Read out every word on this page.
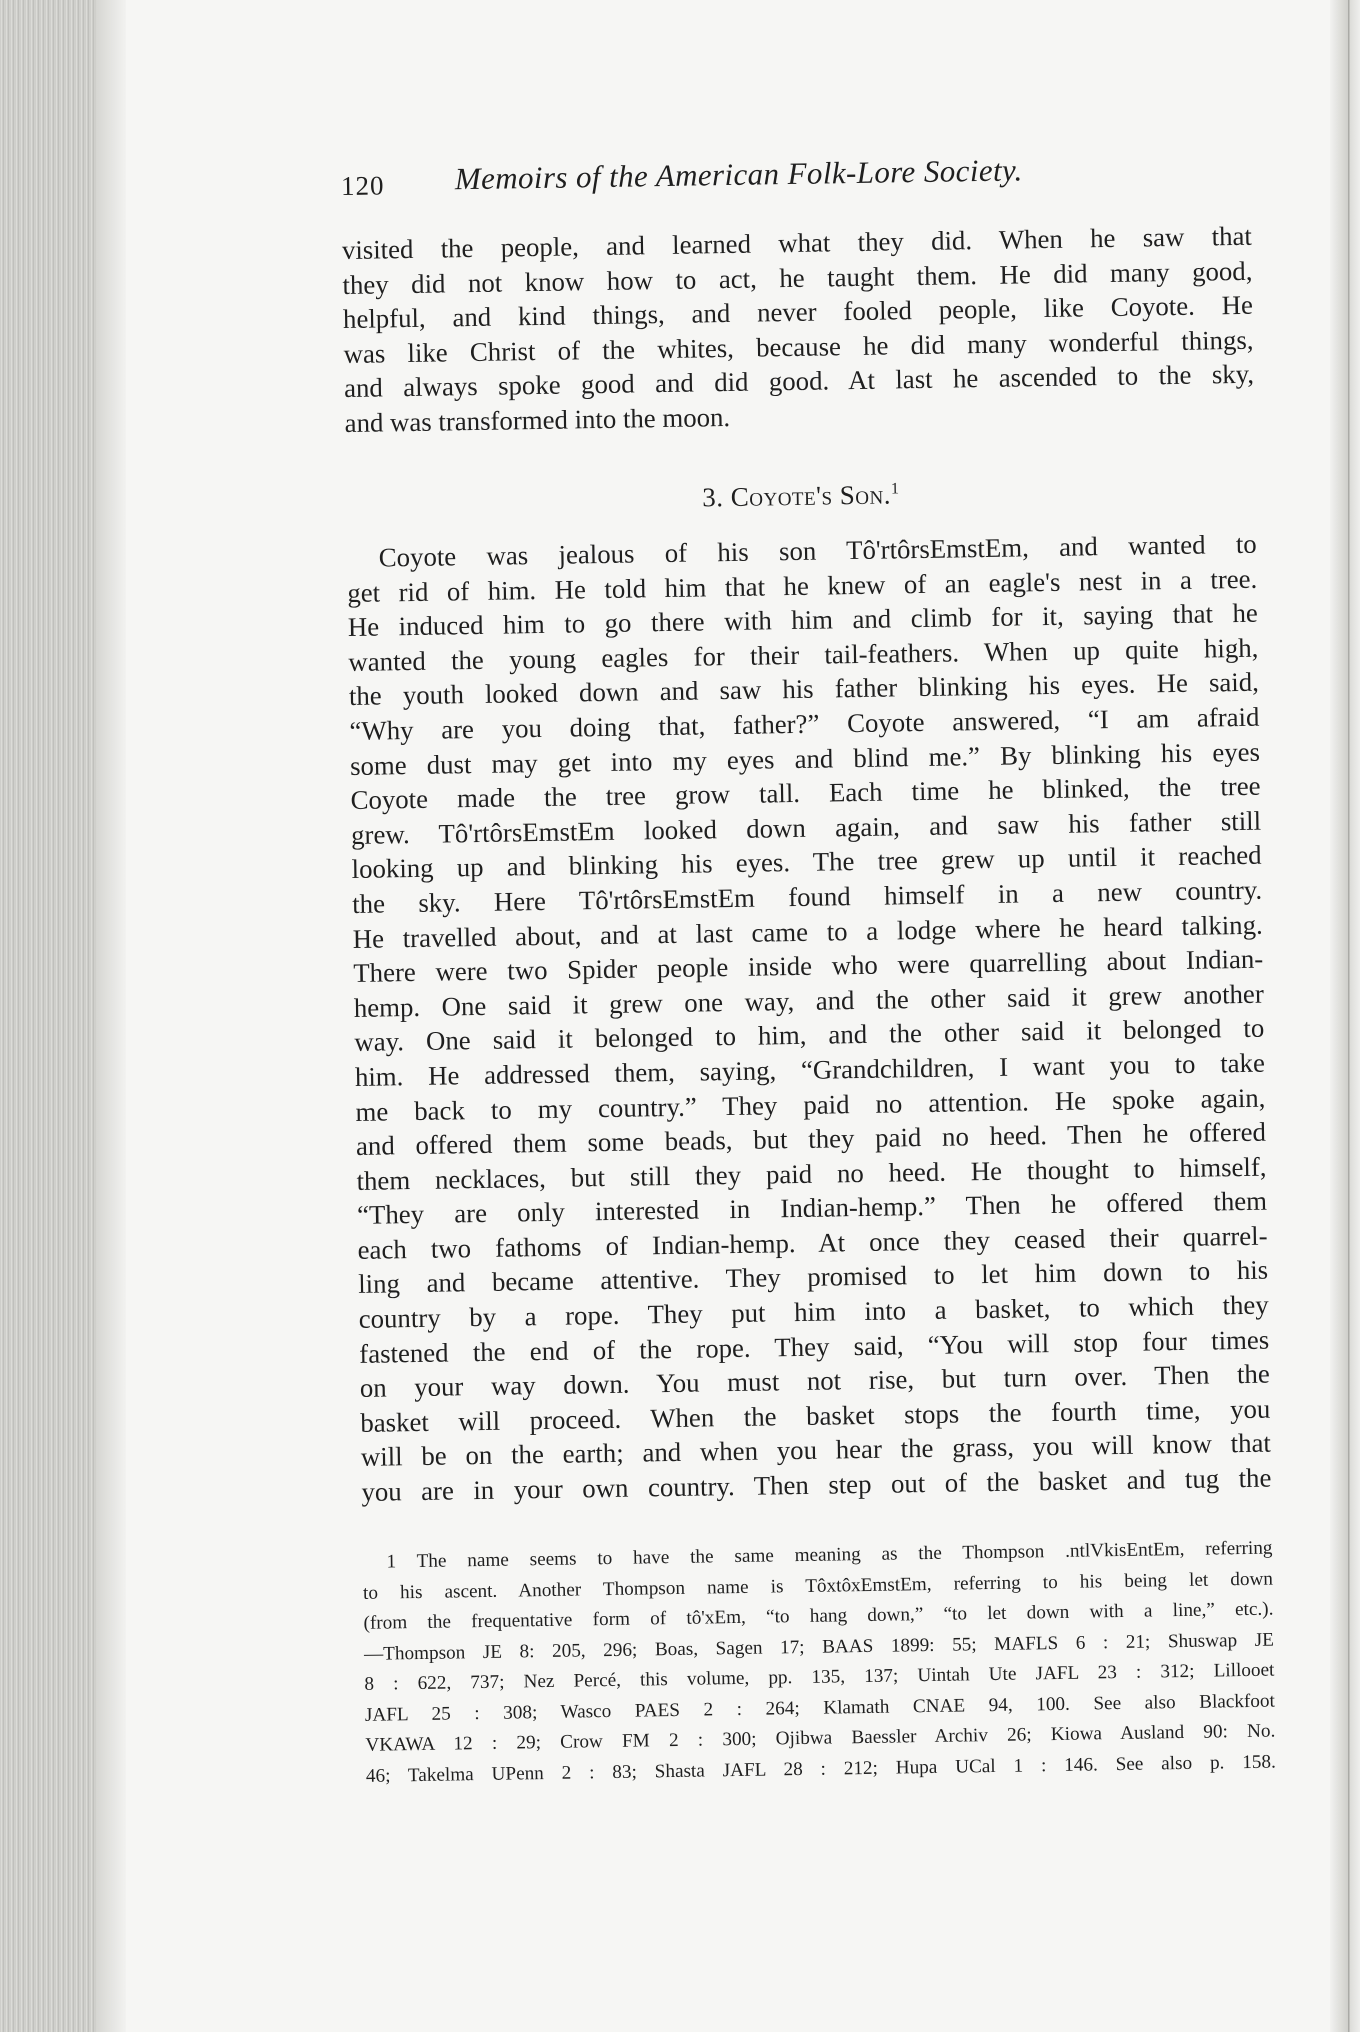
120 Memoirs of the American Folk-Lore Society.
visited the people, and learned what they did. When he saw that
they did not know how to act, he taught them. He did many good,
helpful, and kind things, and never fooled people, like Coyote. He
was like Christ of the whites, because he did many wonderful things,
and always spoke good and did good. At last he ascended to the sky,
and was transformed into the moon.
3. Coyote's Son.$^1$
Coyote was jealous of his son Tô'rtôrsEmstEm, and wanted to
get rid of him. He told him that he knew of an eagle's nest in a tree.
He induced him to go there with him and climb for it, saying that he
wanted the young eagles for their tail-feathers. When up quite high,
the youth looked down and saw his father blinking his eyes. He said,
“Why are you doing that, father?” Coyote answered, “I am afraid
some dust may get into my eyes and blind me.” By blinking his eyes
Coyote made the tree grow tall. Each time he blinked, the tree
grew. Tô'rtôrsEmstEm looked down again, and saw his father still
looking up and blinking his eyes. The tree grew up until it reached
the sky. Here Tô'rtôrsEmstEm found himself in a new country.
He travelled about, and at last came to a lodge where he heard talking.
There were two Spider people inside who were quarrelling about Indian-
hemp. One said it grew one way, and the other said it grew another
way. One said it belonged to him, and the other said it belonged to
him. He addressed them, saying, “Grandchildren, I want you to take
me back to my country.” They paid no attention. He spoke again,
and offered them some beads, but they paid no heed. Then he offered
them necklaces, but still they paid no heed. He thought to himself,
“They are only interested in Indian-hemp.” Then he offered them
each two fathoms of Indian-hemp. At once they ceased their quarrel-
ling and became attentive. They promised to let him down to his
country by a rope. They put him into a basket, to which they
fastened the end of the rope. They said, “You will stop four times
on your way down. You must not rise, but turn over. Then the
basket will proceed. When the basket stops the fourth time, you
will be on the earth; and when you hear the grass, you will know that
you are in your own country. Then step out of the basket and tug the
1 The name seems to have the same meaning as the Thompson .ntlVkisEntEm, referring
to his ascent. Another Thompson name is TôxtôxEmstEm, referring to his being let down
(from the frequentative form of tô'xEm, “to hang down,” “to let down with a line,” etc.).
—Thompson JE 8: 205, 296; Boas, Sagen 17; BAAS 1899: 55; MAFLS 6 : 21; Shuswap JE
8 : 622, 737; Nez Percé, this volume, pp. 135, 137; Uintah Ute JAFL 23 : 312; Lillooet
JAFL 25 : 308; Wasco PAES 2 : 264; Klamath CNAE 94, 100. See also Blackfoot
VKAWA 12 : 29; Crow FM 2 : 300; Ojibwa Baessler Archiv 26; Kiowa Ausland 90: No.
46; Takelma UPenn 2 : 83; Shasta JAFL 28 : 212; Hupa UCal 1 : 146. See also p. 158.
